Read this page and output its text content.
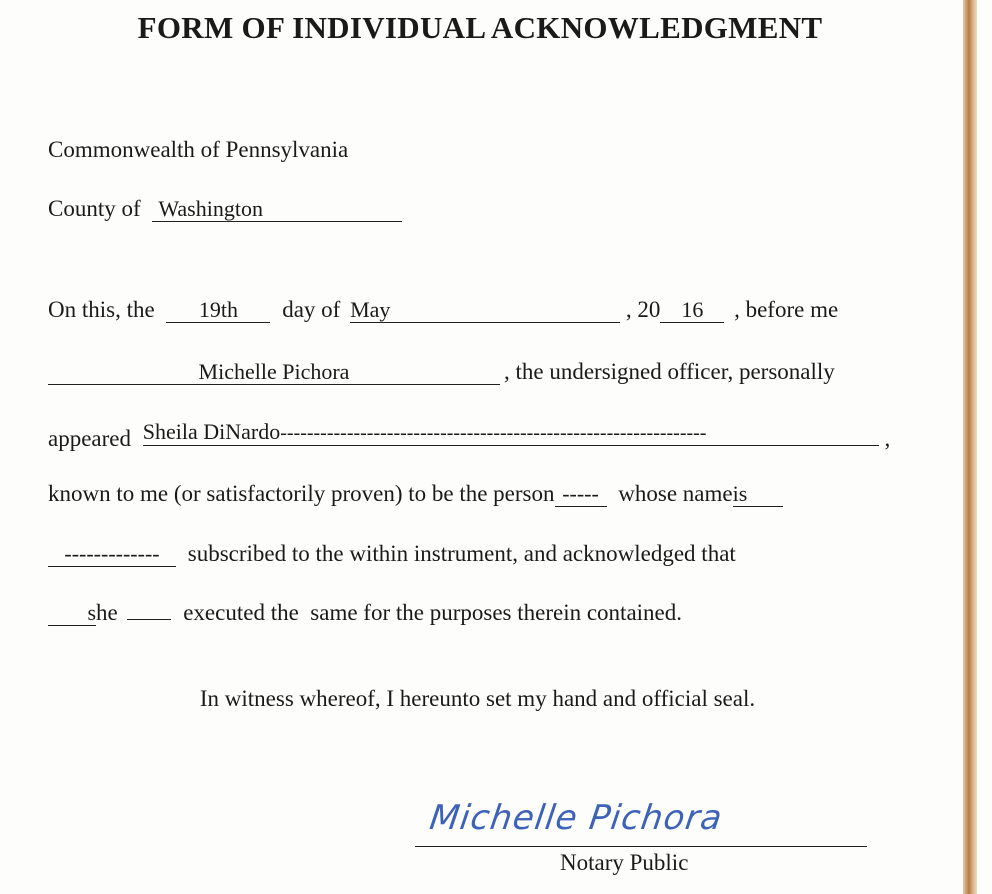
FORM OF INDIVIDUAL ACKNOWLEDGMENT
Commonwealth of Pennsylvania
County of Washington
On this, the 19th day of May	, 20 16 , before me
Michelle Pichora	, the undersigned officer, personally
appeared Sheila DiNardo----------------------------------------------------------------	,
known to me (or satisfactorily proven) to be the person ----- whose nameis
------------- subscribed to the within instrument, and acknowledged that
she	executed the  same for the purposes therein contained.
In witness whereof, I hereunto set my hand and official seal.
Michelle Pichora
Notary Public
